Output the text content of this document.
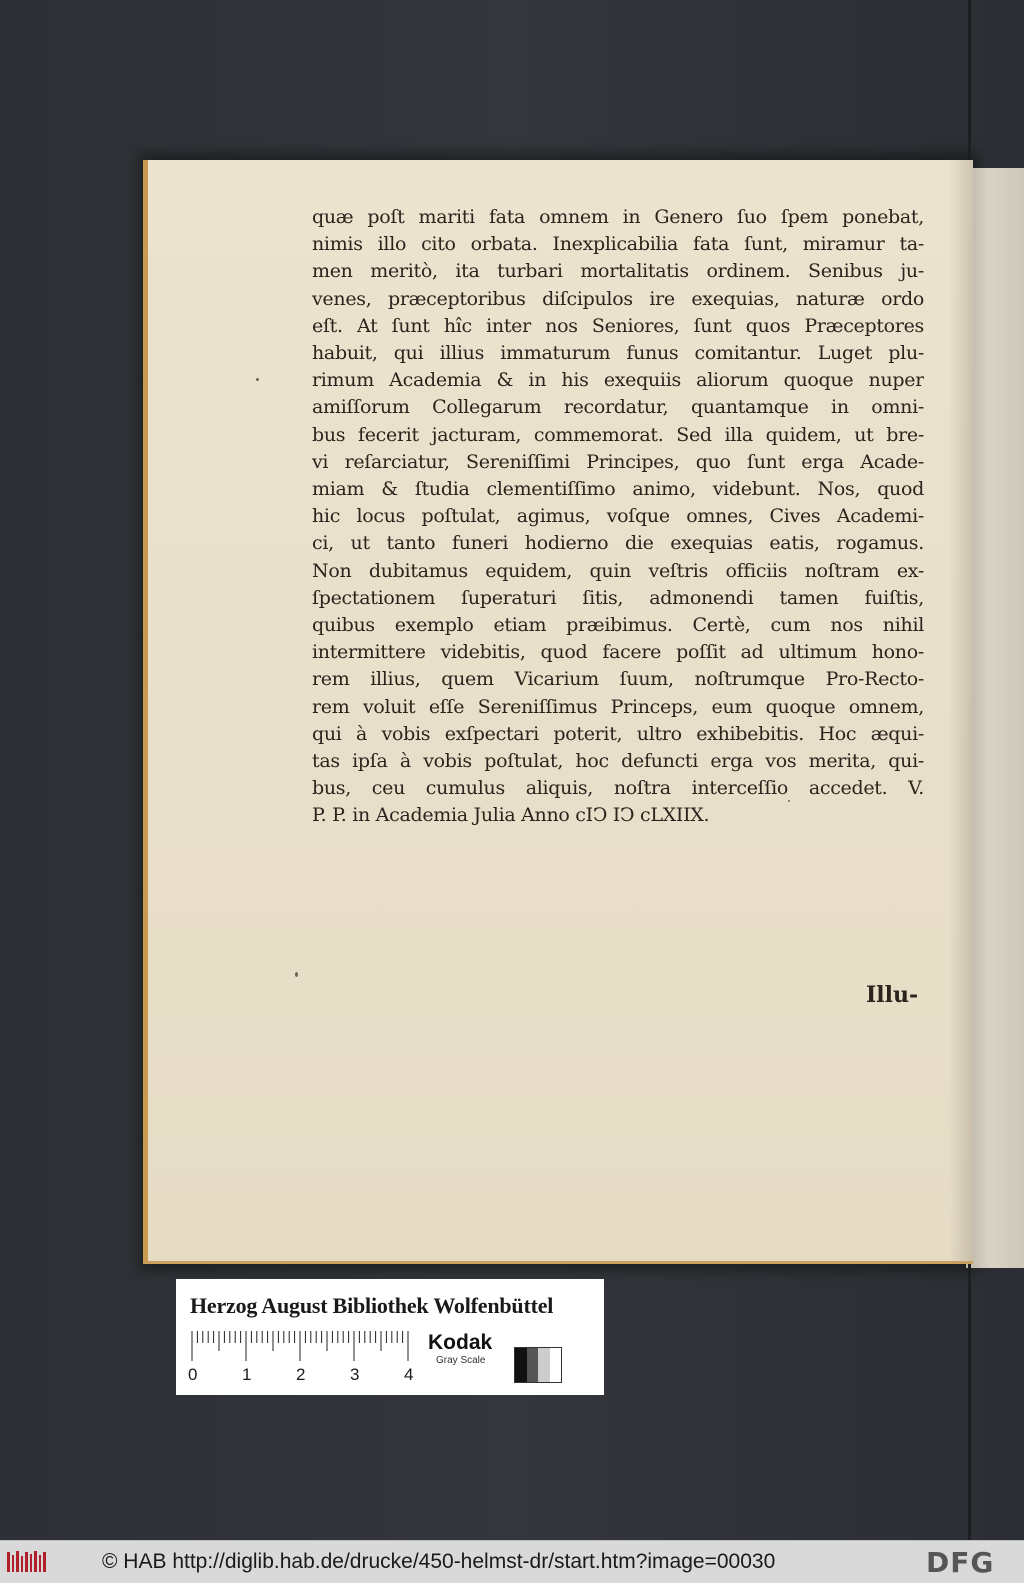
quæ poſt mariti fata omnem in Genero ſuo ſpem ponebat,
nimis illo cito orbata. Inexplicabilia fata ſunt, miramur ta-
men meritò, ita turbari mortalitatis ordinem. Senibus ju-
venes, præceptoribus diſcipulos ire exequias, naturæ ordo
eſt. At ſunt hîc inter nos Seniores, ſunt quos Præceptores
habuit, qui illius immaturum funus comitantur. Luget plu-
rimum Academia & in his exequiis aliorum quoque nuper
amiſſorum Collegarum recordatur, quantamque in omni-
bus fecerit jacturam, commemorat. Sed illa quidem, ut bre-
vi reſarciatur, Sereniſſimi Principes, quo ſunt erga Acade-
miam & ſtudia clementiſſimo animo, videbunt. Nos, quod
hic locus poſtulat, agimus, voſque omnes, Cives Academi-
ci, ut tanto funeri hodierno die exequias eatis, rogamus.
Non dubitamus equidem, quin veſtris officiis noſtram ex-
ſpectationem ſuperaturi ſitis, admonendi tamen fuiſtis,
quibus exemplo etiam præibimus. Certè, cum nos nihil
intermittere videbitis, quod facere poſſit ad ultimum hono-
rem illius, quem Vicarium ſuum, noſtrumque Pro-Recto-
rem voluit eſſe Sereniſſimus Princeps, eum quoque omnem,
qui à vobis exſpectari poterit, ultro exhibebitis. Hoc æqui-
tas ipſa à vobis poſtulat, hoc defuncti erga vos merita, qui-
bus, ceu cumulus aliquis, noſtra interceſſio accedet. V.
P. P. in Academia Julia Anno cIↃ IↃ cLXIIX.
Illu-
Herzog August Bibliothek Wolfenbüttel
0	1	2	3	4
Kodak
Gray Scale
© HAB http://diglib.hab.de/drucke/450-helmst-dr/start.htm?image=00030	DFG
